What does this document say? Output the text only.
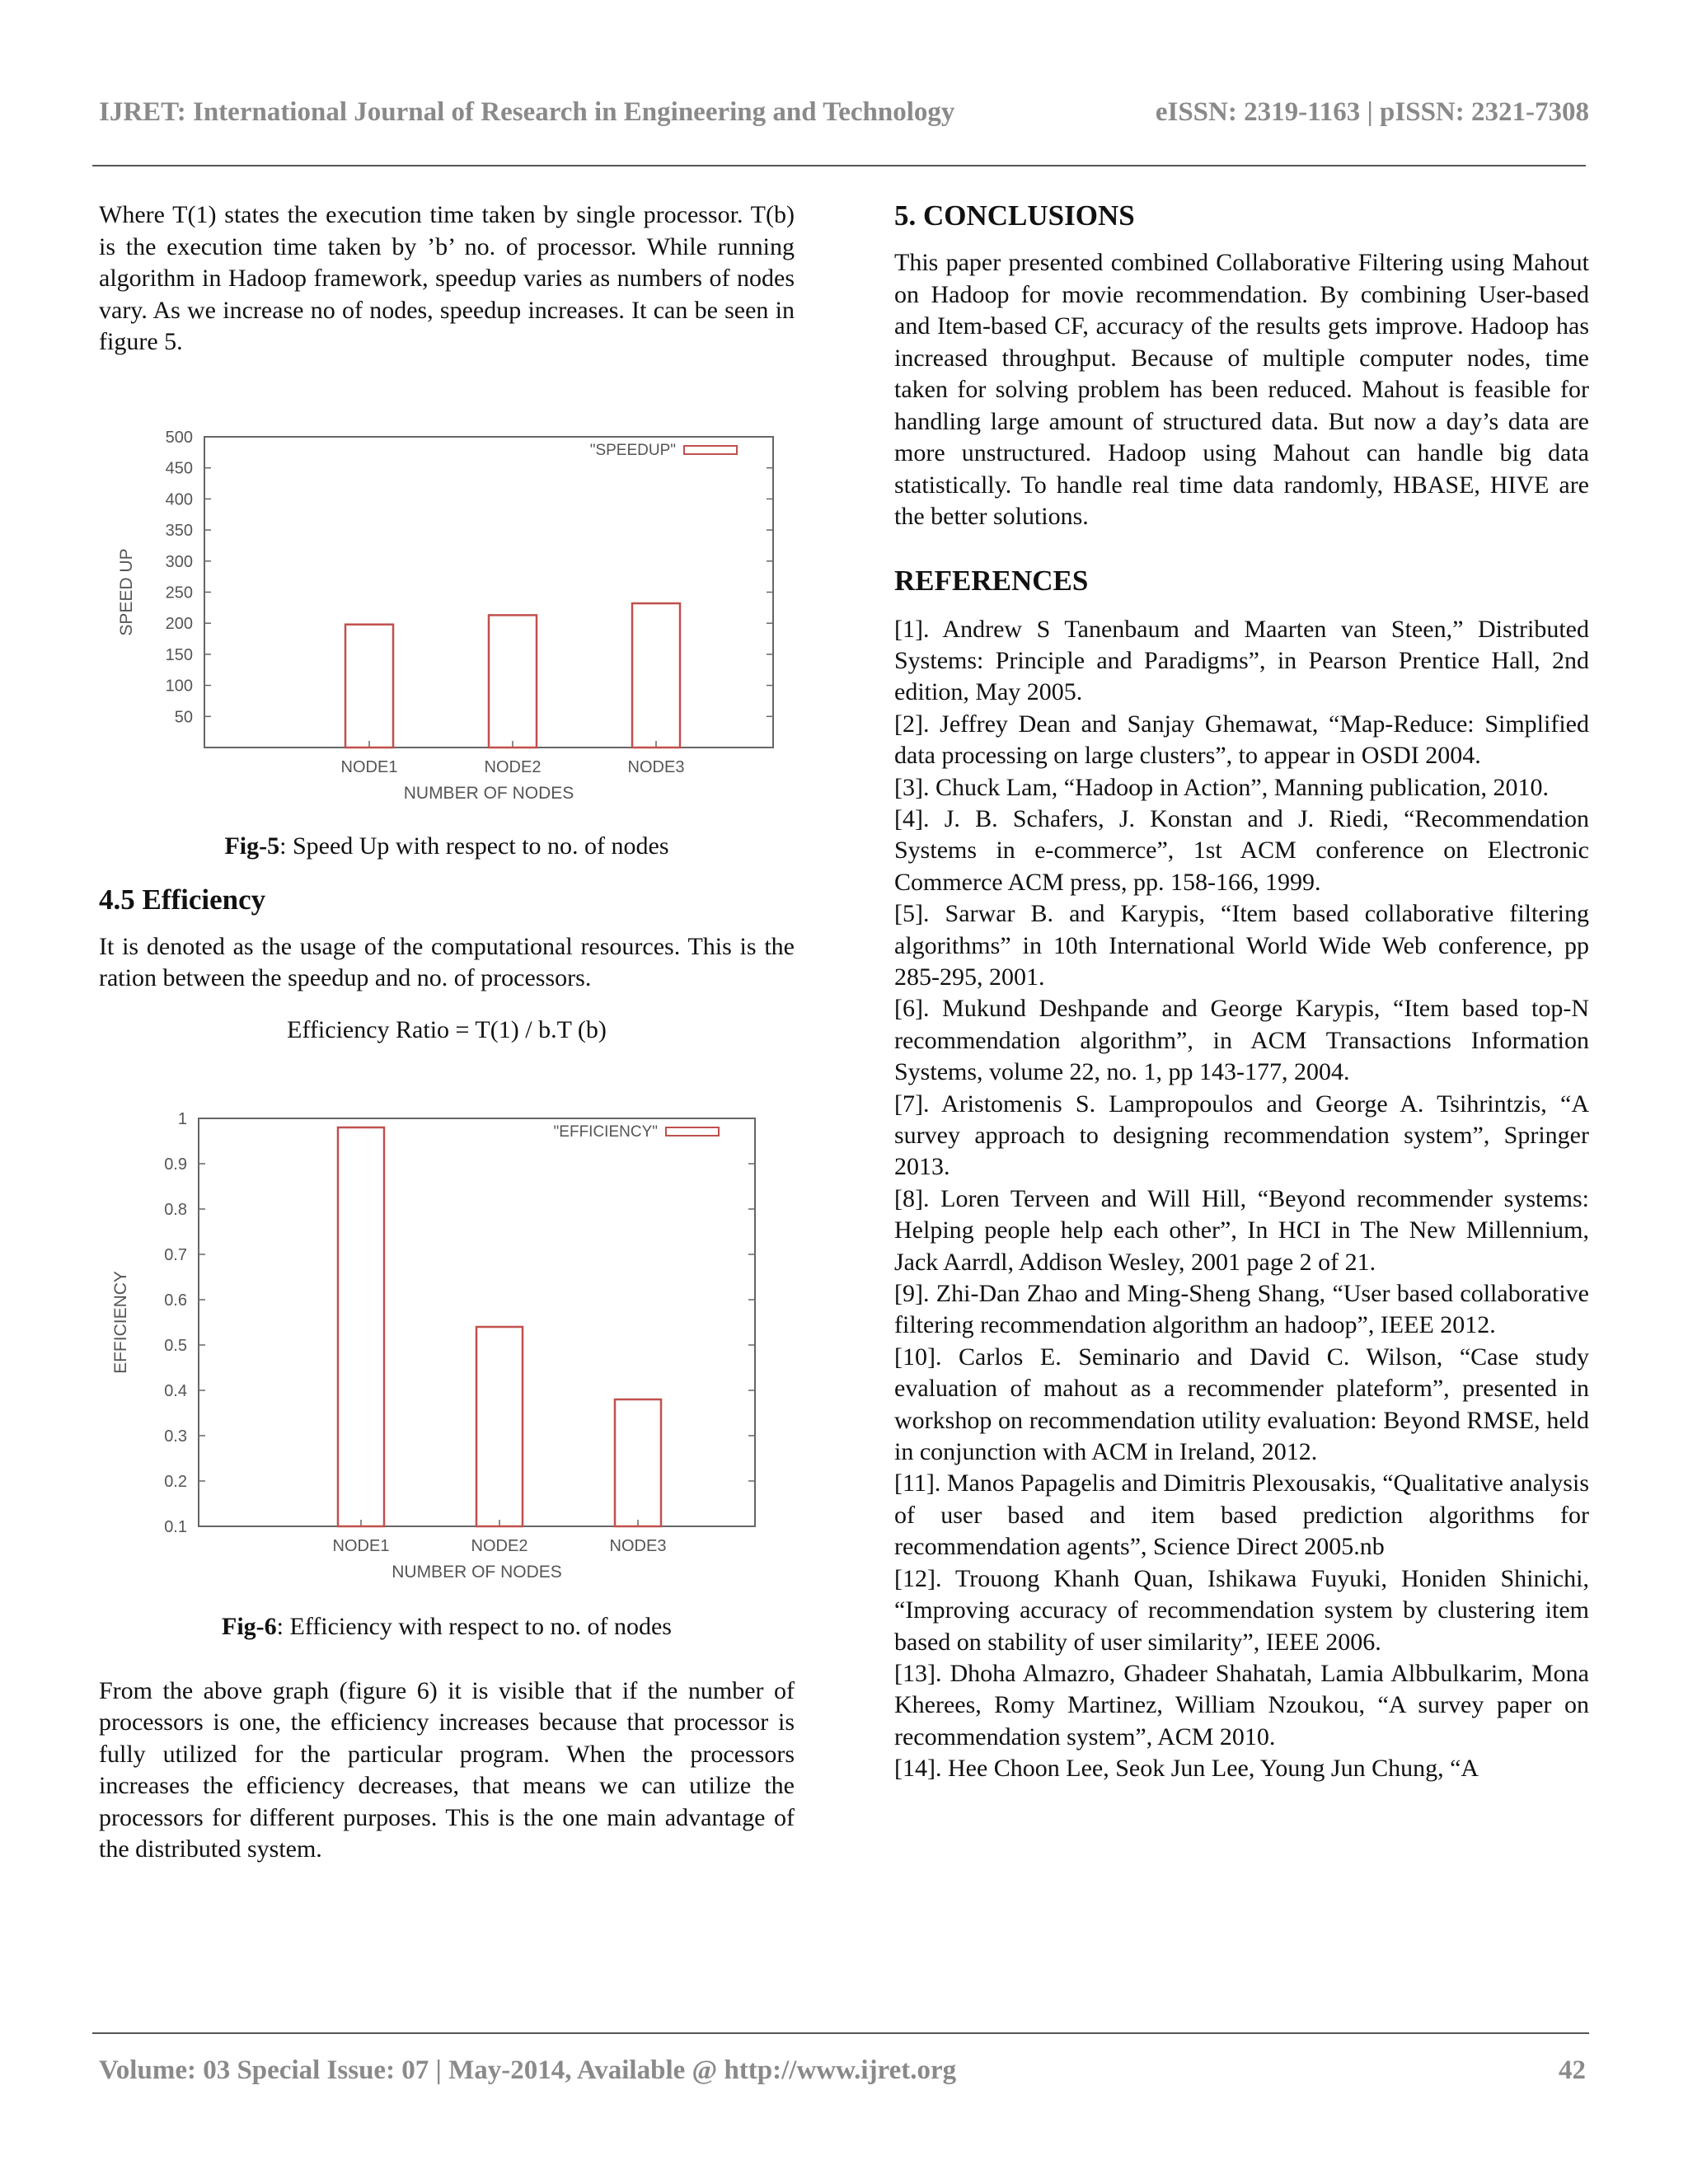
IJRET: International Journal of Research in Engineering and Technology	eISSN: 2319-1163 | pISSN: 2321-7308

Where T(1) states the execution time taken by single processor. T(b) is the execution time taken by ’b’ no. of processor. While running algorithm in Hadoop framework, speedup varies as numbers of nodes vary. As we increase no of nodes, speedup increases. It can be seen in figure 5.

50
100
150
200
250
300
350
400
450
500
NODE1	NODE2	NODE3
NUMBER OF NODES
SPEED UP
"SPEEDUP"

Fig-5: Speed Up with respect to no. of nodes

4.5 Efficiency

It is denoted as the usage of the computational resources. This is the ration between the speedup and no. of processors.

Efficiency Ratio = T(1) / b.T (b)

0.1
0.2
0.3
0.4
0.5
0.6
0.7
0.8
0.9
1
NODE1	NODE2	NODE3
NUMBER OF NODES
EFFICIENCY
"EFFICIENCY"

Fig-6: Efficiency with respect to no. of nodes

From the above graph (figure 6) it is visible that if the number of processors is one, the efficiency increases because that processor is fully utilized for the particular program. When the processors increases the efficiency decreases, that means we can utilize the processors for different purposes. This is the one main advantage of the distributed system.

5. CONCLUSIONS

This paper presented combined Collaborative Filtering using Mahout on Hadoop for movie recommendation. By combining User-based and Item-based CF, accuracy of the results gets improve. Hadoop has increased throughput. Because of multiple computer nodes, time taken for solving problem has been reduced. Mahout is feasible for handling large amount of structured data. But now a day’s data are more unstructured. Hadoop using Mahout can handle big data statistically. To handle real time data randomly, HBASE, HIVE are the better solutions.

REFERENCES

[1]. Andrew S Tanenbaum and Maarten van Steen,” Distributed Systems: Principle and Paradigms”, in Pearson Prentice Hall, 2nd edition, May 2005.

[2]. Jeffrey Dean and Sanjay Ghemawat, “Map-Reduce: Simplified data processing on large clusters”, to appear in OSDI 2004.

[3]. Chuck Lam, “Hadoop in Action”, Manning publication, 2010.

[4]. J. B. Schafers, J. Konstan and J. Riedi, “Recommendation Systems in e-commerce”, 1st ACM conference on Electronic Commerce ACM press, pp. 158-166, 1999.

[5]. Sarwar B. and Karypis, “Item based collaborative filtering algorithms” in 10th International World Wide Web conference, pp 285-295, 2001.

[6]. Mukund Deshpande and George Karypis, “Item based top-N recommendation algorithm”, in ACM Transactions Information Systems, volume 22, no. 1, pp 143-177, 2004.

[7]. Aristomenis S. Lampropoulos and George A. Tsihrintzis, “A survey approach to designing recommendation system”, Springer 2013.

[8]. Loren Terveen and Will Hill, “Beyond recommender systems: Helping people help each other”, In HCI in The New Millennium, Jack Aarrdl, Addison Wesley, 2001 page 2 of 21.

[9]. Zhi-Dan Zhao and Ming-Sheng Shang, “User based collaborative filtering recommendation algorithm an hadoop”, IEEE 2012.

[10]. Carlos E. Seminario and David C. Wilson, “Case study evaluation of mahout as a recommender plateform”, presented in workshop on recommendation utility evaluation: Beyond RMSE, held in conjunction with ACM in Ireland, 2012.

[11]. Manos Papagelis and Dimitris Plexousakis, “Qualitative analysis of user based and item based prediction algorithms for recommendation agents”, Science Direct 2005.nb

[12]. Trouong Khanh Quan, Ishikawa Fuyuki, Honiden Shinichi, “Improving accuracy of recommendation system by clustering item based on stability of user similarity”, IEEE 2006.

[13]. Dhoha Almazro, Ghadeer Shahatah, Lamia Albbulkarim, Mona Kherees, Romy Martinez, William Nzoukou, “A survey paper on recommendation system”, ACM 2010.

[14]. Hee Choon Lee, Seok Jun Lee, Young Jun Chung, “A

Volume: 03 Special Issue: 07 | May-2014, Available @ http://www.ijret.org	42
